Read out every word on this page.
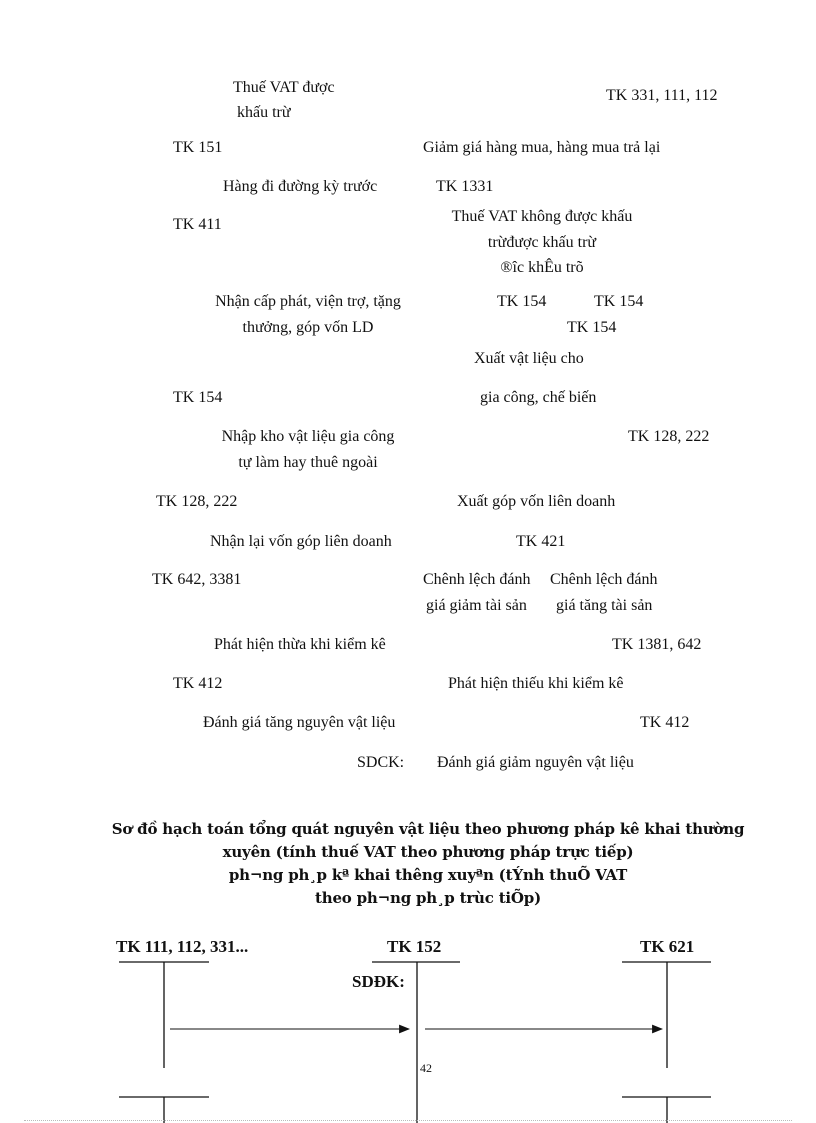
Thuế VAT được
khấu trừ
TK 331, 111, 112
TK 151	Giảm giá hàng mua, hàng mua trả lại
Hàng đi đường kỳ trước	TK 1331
TK 411	Thuế VAT không được khấu
trừđược khấu trừ
®îc khÊu trõ
Nhận cấp phát, viện trợ, tặng
thưởng, góp vốn LD
TK 154	TK 154
TK 154
Xuất vật liệu cho
TK 154	gia công, chế biến
Nhập kho vật liệu gia công
tự làm hay thuê ngoài
TK 128, 222
TK 128, 222	Xuất góp vốn liên doanh
Nhận lại vốn góp liên doanh	TK 421
TK 642, 3381	Chênh lệch đánh
giá giảm tài sản
Chênh lệch đánh
giá tăng tài sản
Phát hiện thừa khi kiểm kê	TK 1381, 642
TK 412	Phát hiện thiếu khi kiểm kê
Đánh giá tăng nguyên vật liệu	TK 412
SDCK: Đánh giá giảm nguyên vật liệu
Sơ đồ hạch toán tổng quát nguyên vật liệu theo phương pháp kê khai thường
xuyên (tính thuế VAT theo phương pháp trực tiếp)
ph¬ng ph¸p kª khai thêng xuyªn (tÝnh thuÕ VAT
theo ph¬ng ph¸p trùc tiÕp)
TK 111, 112, 331...	TK 152	TK 621
SDĐK:
42
